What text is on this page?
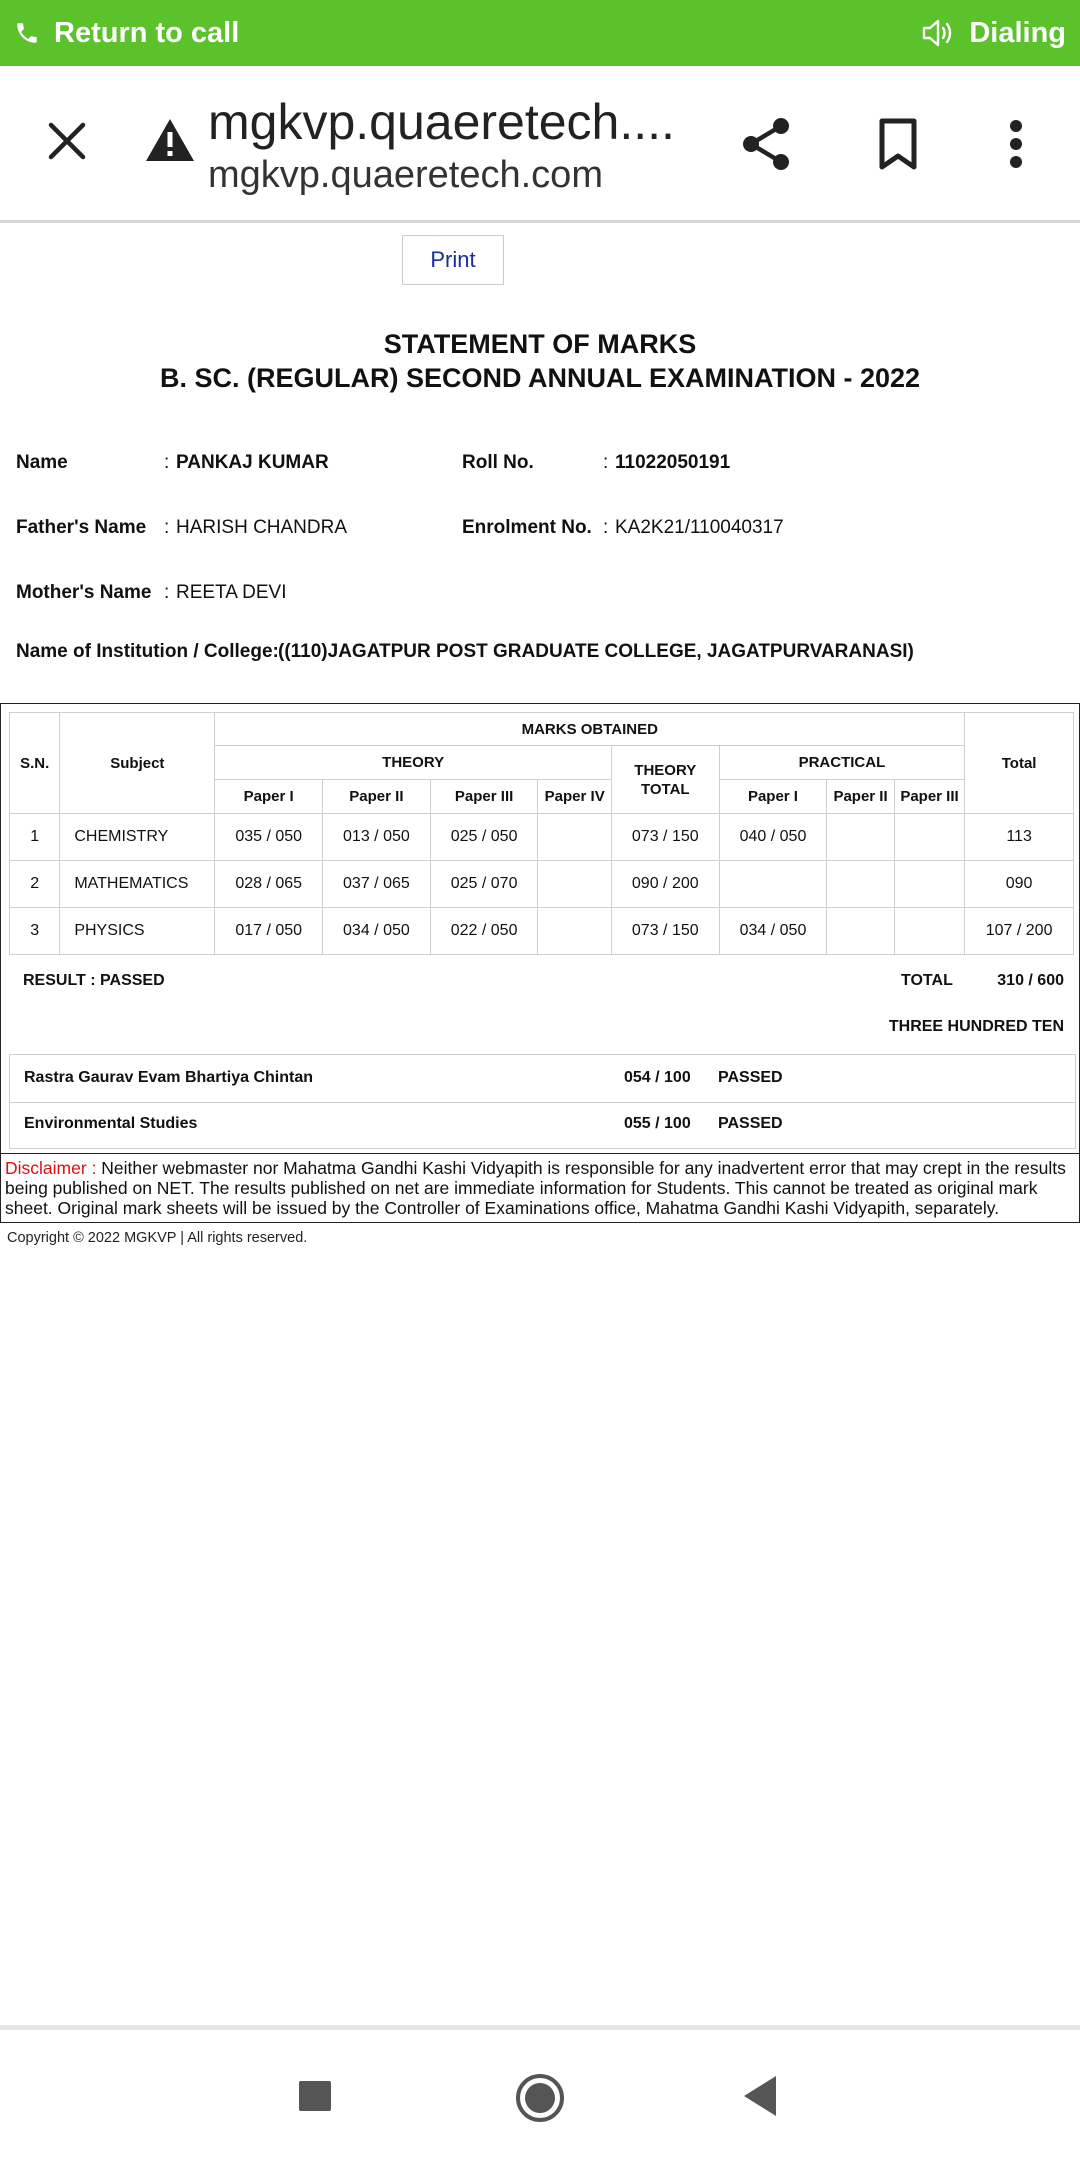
Return to call	Dialing
mgkvp.quaeretech....
mgkvp.quaeretech.com
Print
STATEMENT OF MARKS
B. SC. (REGULAR) SECOND ANNUAL EXAMINATION - 2022
Name	: PANKAJ KUMAR	Roll No.	: 11022050191
Father's Name : HARISH CHANDRA	Enrolment No. : KA2K21/110040317
Mother's Name : REETA DEVI
Name of Institution / College: ((110)JAGATPUR POST GRADUATE COLLEGE, JAGATPURVARANASI)
S.N.	Subject	MARKS OBTAINED								Total
		THEORY				THEORY TOTAL	PRACTICAL			
		Paper I	Paper II	Paper III	Paper IV		Paper I	Paper II	Paper III	
1	CHEMISTRY	035 / 050	013 / 050	025 / 050		073 / 150	040 / 050			113
2	MATHEMATICS	028 / 065	037 / 065	025 / 070		090 / 200				090
3	PHYSICS	017 / 050	034 / 050	022 / 050		073 / 150	034 / 050			107 / 200
RESULT : PASSED	TOTAL	310 / 600
THREE HUNDRED TEN
Rastra Gaurav Evam Bhartiya Chintan	054 / 100 PASSED
Environmental Studies	055 / 100 PASSED
Disclaimer : Neither webmaster nor Mahatma Gandhi Kashi Vidyapith is responsible for any inadvertent error that may crept in the results being published on NET. The results published on net are immediate information for Students. This cannot be treated as original mark sheet. Original mark sheets will be issued by the Controller of Examinations office, Mahatma Gandhi Kashi Vidyapith, separately.
Copyright © 2022 MGKVP | All rights reserved.
